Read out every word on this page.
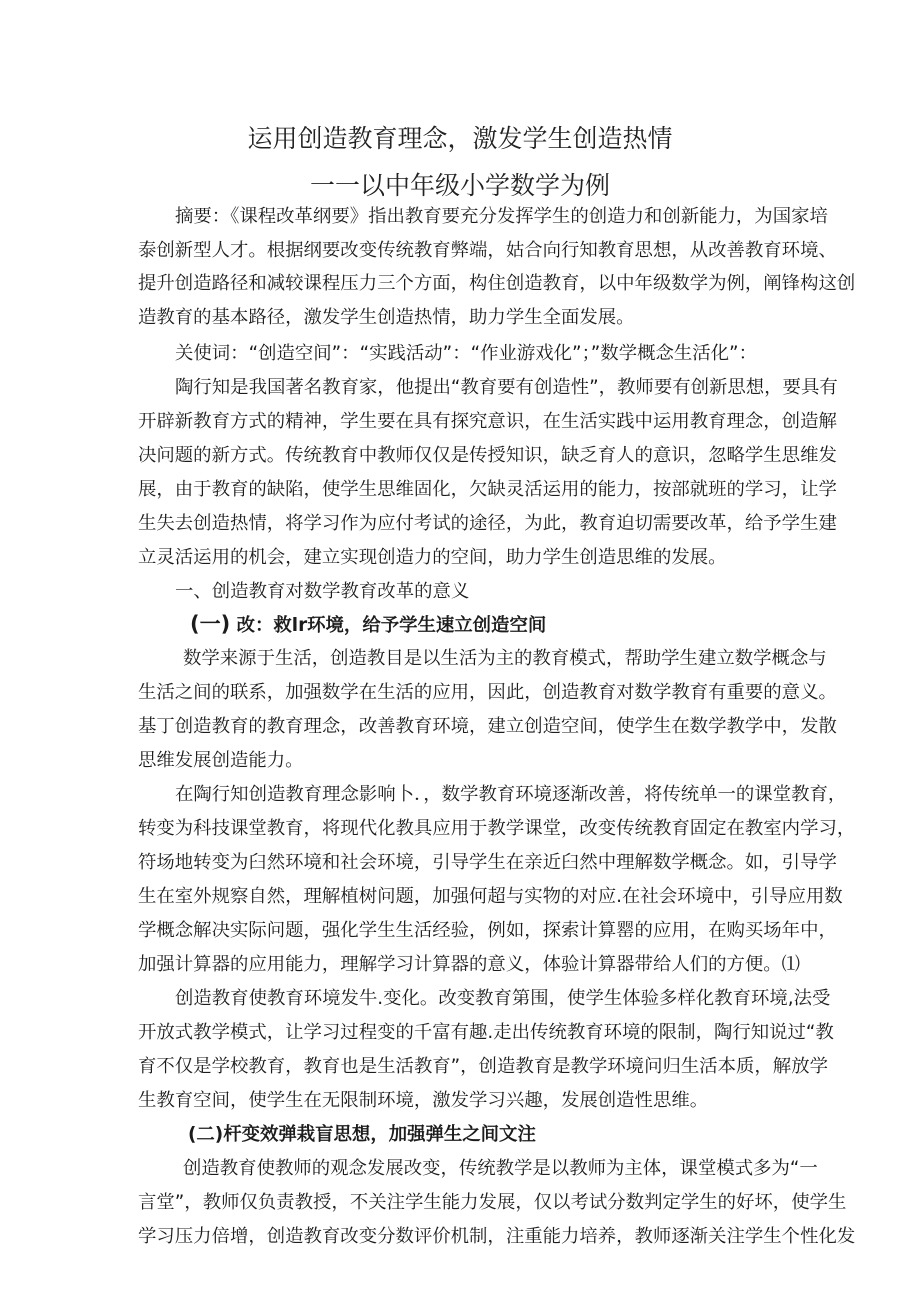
运用创造教育理念，激发学生创造热情
一一以中年级小学数学为例
摘要：《课程改革纲要》指出教育要充分发挥学生的创造力和创新能力，为国家培
泰创新型人才。根据纲要改变传统教育弊端，姑合向行知教育思想，从改善教育环境、
提升创造路径和减较课程压力三个方面，构住创造教育，以中年级数学为例，阐锋构这创
造教育的基本路径，激发学生创造热情，助力学生全面发展。
关使词：“创造空间”：“实践活动”：“作业游戏化”；”数学概念生活化”：
陶行知是我国著名教育家，他提出“教育要有创造性”，教师要有创新思想，要具有
开辟新教育方式的精神，学生要在具有探究意识，在生活实践中运用教育理念，创造解
决问题的新方式。传统教育中教师仅仅是传授知识，缺乏育人的意识，忽略学生思维发
展，由于教育的缺陷，使学生思维固化，欠缺灵活运用的能力，按部就班的学习，让学
生失去创造热情，将学习作为应付考试的途径，为此，教育迫切需要改革，给予学生建
立灵活运用的机会，建立实现创造力的空间，助力学生创造思维的发展。
一、创造教育对数学教育改革的意义
(一) 改：救lr环境，给予学生速立创造空间
数学来源于生活，创造教目是以生活为主的教育模式，帮助学生建立数学概念与
生活之间的联系，加强数学在生活的应用，因此，创造教育对数学教育有重要的意义。
基丁创造教育的教育理念，改善教育环境，建立创造空间，使学生在数学教学中，发散
思维发展创造能力。
在陶行知创造教育理念影响卜．，数学教育环境逐渐改善，将传统单一的课堂教育，
转变为科技课堂教育，将现代化教具应用于教学课堂，改变传统教育固定在教室内学习，
符场地转变为臼然环境和社会环境，引导学生在亲近臼然中理解数学概念。如，引导学
生在室外规察自然，理解植树问题，加强何超与实物的对应.在社会环境中，引导应用数
学概念解决实际问题，强化学生生活经验，例如，探索计算罂的应用，在购买场年中，
加强计算器的应用能力，理解学习计算器的意义，体验计算器带给人们的方便。⑴
创造教育使教育环境发牛.变化。改变教育第围，使学生体验多样化教育环境,法受
开放式教学模式，让学习过程变的千富有趣.走出传统教育环境的限制，陶行知说过“教
育不仅是学校教育，教育也是生活教育”，创造教育是教学环境问归生活本质，解放学
生教育空间，使学生在无限制环境，激发学习兴趣，发展创造性思维。
(二)杆变效弹栽盲思想，加强弹生之间文注
创造教育使教师的观念发展改变，传统教学是以教师为主体，课堂模式多为“一
言堂”，教师仅负责教授，不关注学生能力发展，仅以考试分数判定学生的好坏，使学生
学习压力倍增，创造教育改变分数评价机制，注重能力培养，教师逐渐关注学生个性化发
